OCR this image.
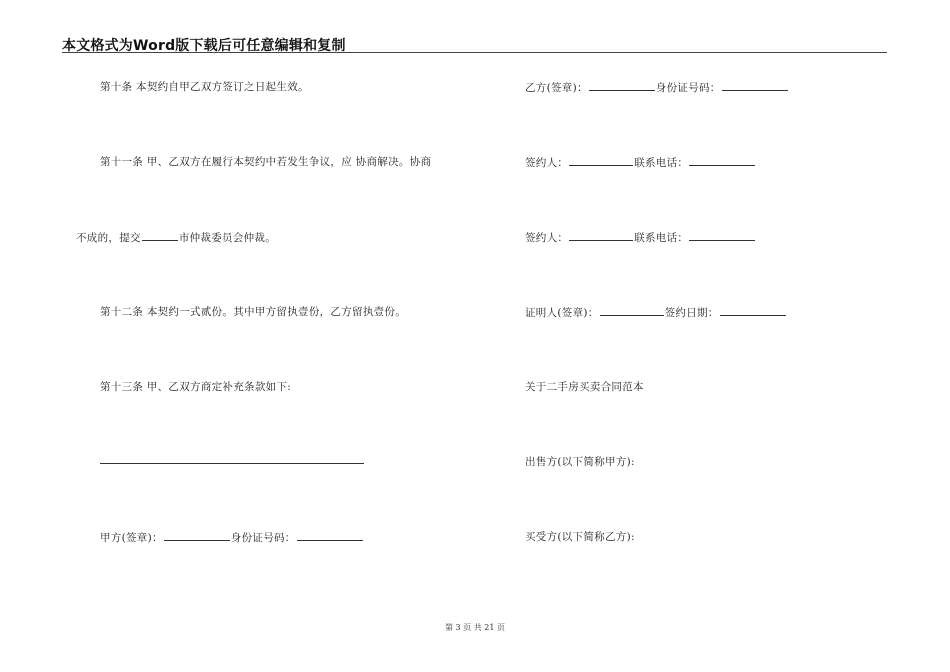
本文格式为Word版下载后可任意编辑和复制
第十条 本契约自甲乙双方签订之日起生效。
第十一条 甲、乙双方在履行本契约中若发生争议，应 协商解决。协商
不成的，提交	市仲裁委员会仲裁。
第十二条 本契约一式贰份。其中甲方留执壹份，乙方留执壹份。
第十三条 甲、乙双方商定补充条款如下:
甲方(签章)：	身份证号码：
乙方(签章)：	身份证号码：
签约人：	联系电话：
签约人：	联系电话：
证明人(签章)：	签约日期：
关于二手房买卖合同范本
出售方(以下简称甲方):
买受方(以下简称乙方):
第 3 页 共 21 页
